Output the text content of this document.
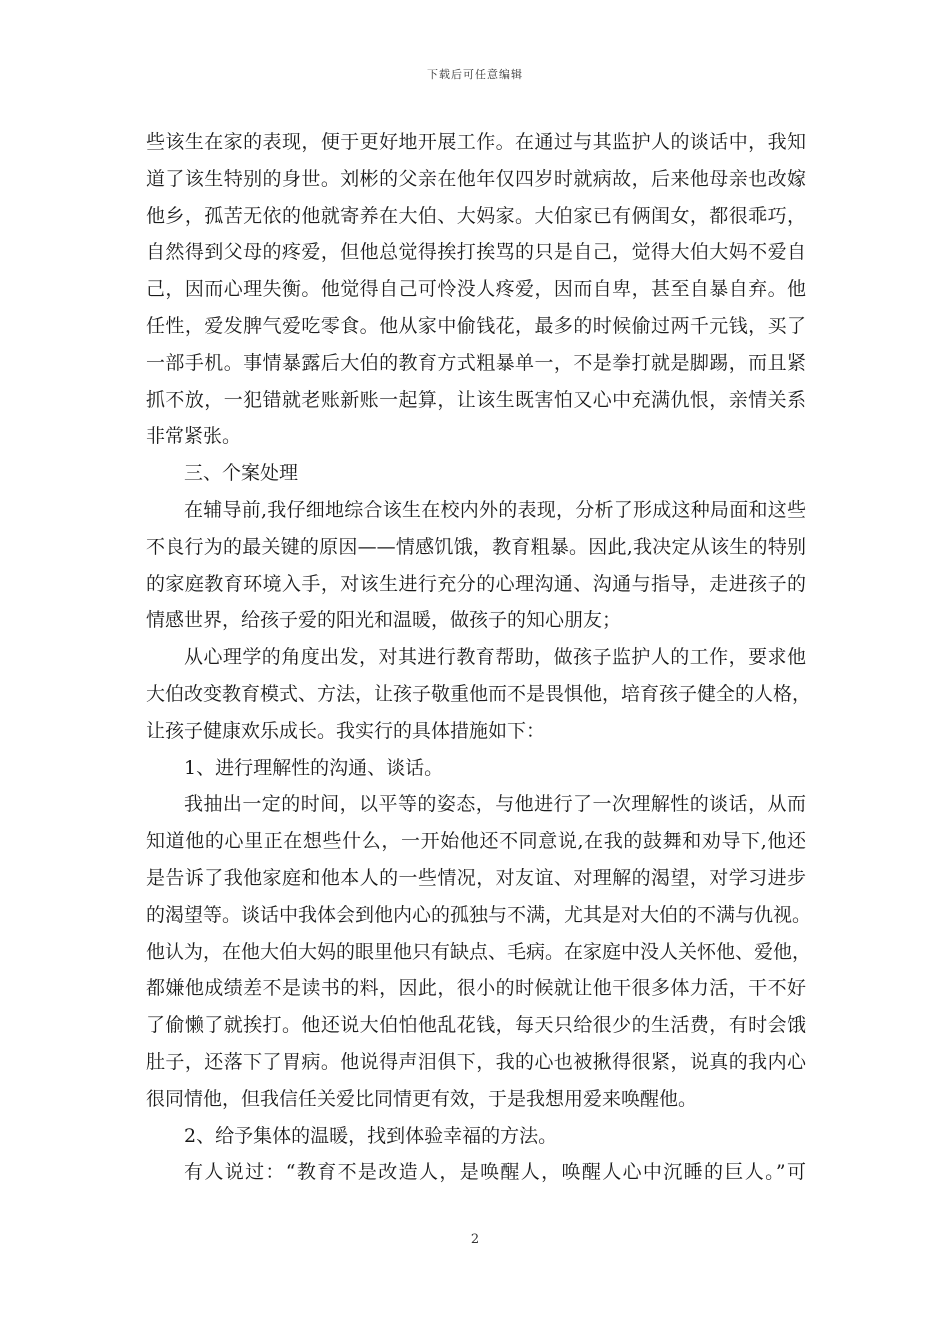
下载后可任意编辑
些该生在家的表现，便于更好地开展工作。在通过与其监护人的谈话中，我知
道了该生特别的身世。刘彬的父亲在他年仅四岁时就病故，后来他母亲也改嫁
他乡，孤苦无依的他就寄养在大伯、大妈家。大伯家已有俩闺女，都很乖巧，
自然得到父母的疼爱，但他总觉得挨打挨骂的只是自己，觉得大伯大妈不爱自
己，因而心理失衡。他觉得自己可怜没人疼爱，因而自卑，甚至自暴自弃。他
任性，爱发脾气爱吃零食。他从家中偷钱花，最多的时候偷过两千元钱，买了
一部手机。事情暴露后大伯的教育方式粗暴单一，不是拳打就是脚踢，而且紧
抓不放，一犯错就老账新账一起算，让该生既害怕又心中充满仇恨，亲情关系
非常紧张。
三、个案处理
在辅导前,我仔细地综合该生在校内外的表现，分析了形成这种局面和这些
不良行为的最关键的原因——情感饥饿，教育粗暴。因此,我决定从该生的特别
的家庭教育环境入手，对该生进行充分的心理沟通、沟通与指导，走进孩子的
情感世界，给孩子爱的阳光和温暖，做孩子的知心朋友；
从心理学的角度出发，对其进行教育帮助，做孩子监护人的工作，要求他
大伯改变教育模式、方法，让孩子敬重他而不是畏惧他，培育孩子健全的人格，
让孩子健康欢乐成长。我实行的具体措施如下：
1、进行理解性的沟通、谈话。
我抽出一定的时间，以平等的姿态，与他进行了一次理解性的谈话，从而
知道他的心里正在想些什么，一开始他还不同意说,在我的鼓舞和劝导下,他还
是告诉了我他家庭和他本人的一些情况，对友谊、对理解的渴望，对学习进步
的渴望等。谈话中我体会到他内心的孤独与不满，尤其是对大伯的不满与仇视。
他认为，在他大伯大妈的眼里他只有缺点、毛病。在家庭中没人关怀他、爱他，
都嫌他成绩差不是读书的料，因此，很小的时候就让他干很多体力活，干不好
了偷懒了就挨打。他还说大伯怕他乱花钱，每天只给很少的生活费，有时会饿
肚子，还落下了胃病。他说得声泪俱下，我的心也被揪得很紧，说真的我内心
很同情他，但我信任关爱比同情更有效，于是我想用爱来唤醒他。
2、给予集体的温暖，找到体验幸福的方法。
有人说过：“教育不是改造人，是唤醒人，唤醒人心中沉睡的巨人。”可
2
